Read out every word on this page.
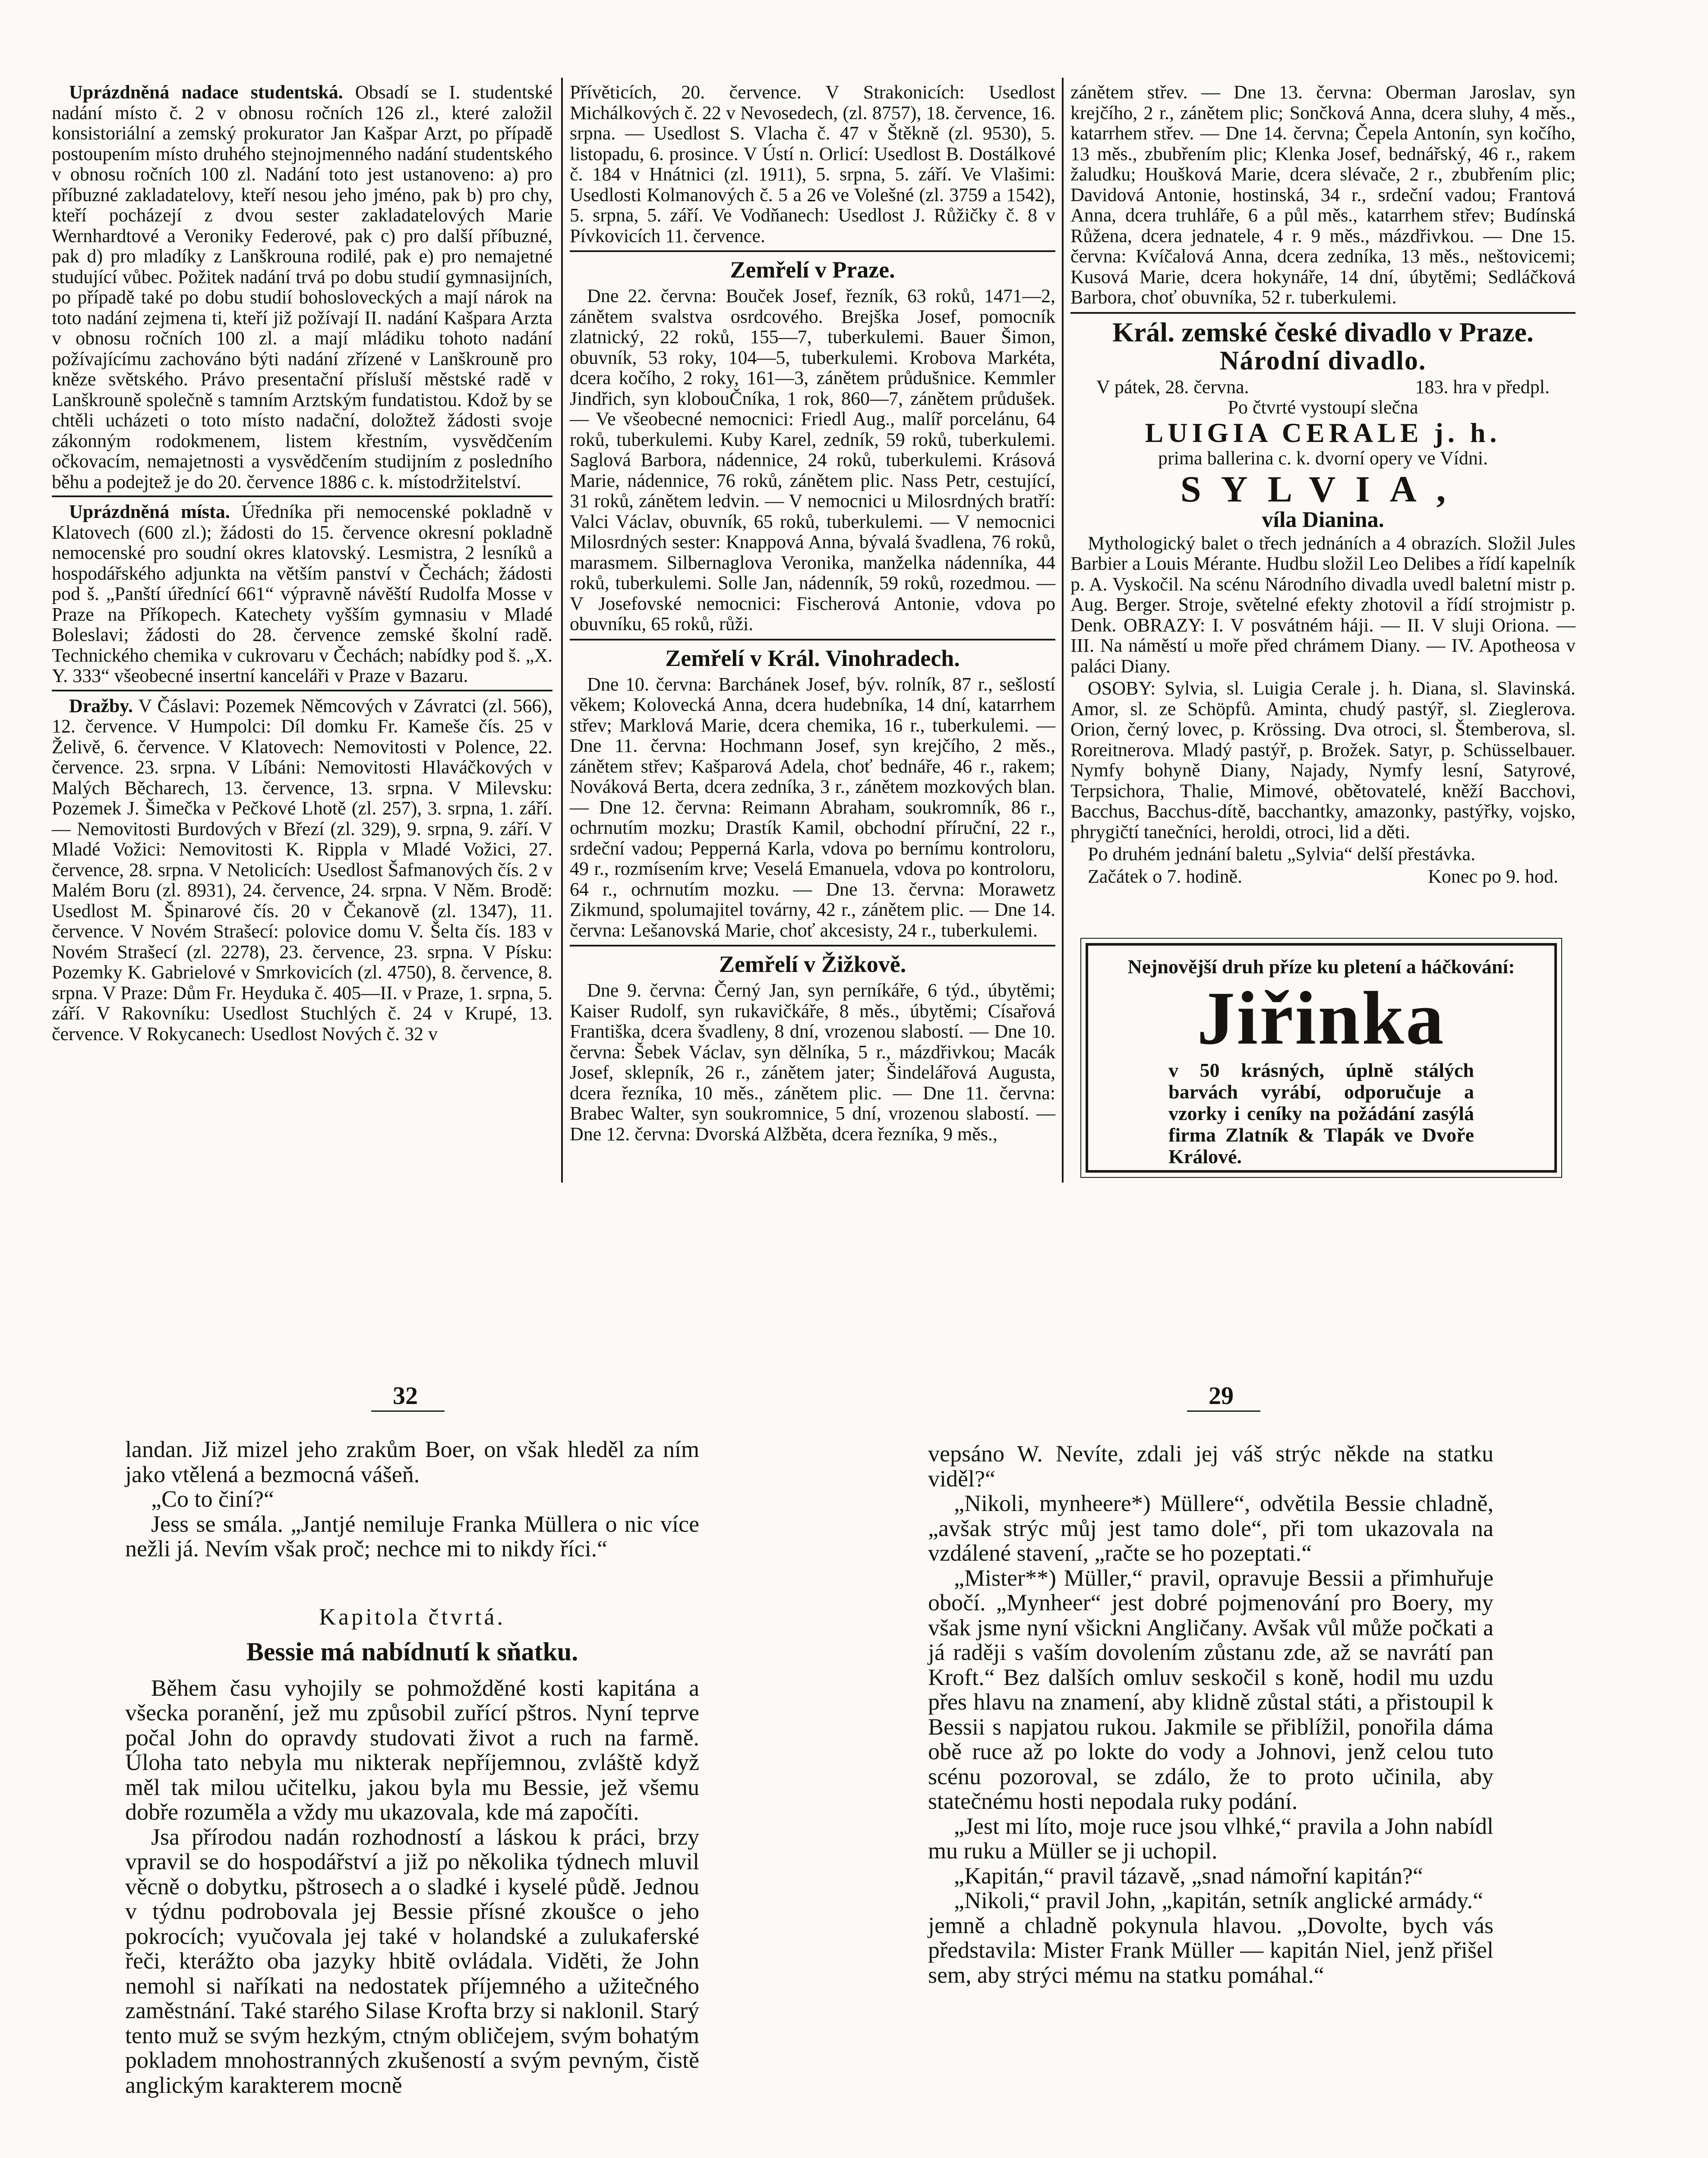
Uprázdněná nadace studentská. Obsadí se I. studentské nadání místo č. 2 v obnosu ročních 126 zl., které založil konsistoriální a zemský prokurator Jan Kašpar Arzt, po případě postoupením místo druhého stejnojmenného nadání studentského v obnosu ročních 100 zl. Nadání toto jest ustanoveno: a) pro příbuzné zakladatelovy, kteří nesou jeho jméno, pak b) pro chy, kteří pocházejí z dvou sester zakladatelových Marie Wernhardtové a Veroniky Federové, pak c) pro další příbuzné, pak d) pro mladíky z Lanškrouna rodilé, pak e) pro nemajetné studující vůbec. Požitek nadání trvá po dobu studií gymnasijních, po případě také po dobu studií bohosloveckých a mají nárok na toto nadání zejmena ti, kteří již požívají II. nadání Kašpara Arzta v obnosu ročních 100 zl. a mají mládiku tohoto nadání požívajícímu zachováno býti nadání zřízené v Lanškrouně pro kněze světského. Právo presentační přísluší městské radě v Lanškrouně společně s tamním Arztským fundatistou. Kdož by se chtěli ucházeti o toto místo nadační, doložtež žádosti svoje zákonným rodokmenem, listem křestním, vysvědčením očkovacím, nemajetnosti a vysvědčením studijním z posledního běhu a podejtež je do 20. července 1886 c. k. místodržitelství.

Uprázdněná místa. Úředníka při nemocenské pokladně v Klatovech (600 zl.); žádosti do 15. července okresní pokladně nemocenské pro soudní okres klatovský. Lesmistra, 2 lesníků a hospodářského adjunkta na větším panství v Čechách; žádosti pod š. „Panští úřednící 661“ výpravně návěští Rudolfa Mosse v Praze na Příkopech. Katechety vyšším gymnasiu v Mladé Boleslavi; žádosti do 28. července zemské školní radě. Technického chemika v cukrovaru v Čechách; nabídky pod š. „X. Y. 333“ všeobecné insertní kanceláři v Praze v Bazaru.

Dražby. V Čáslavi: Pozemek Němcových v Závratci (zl. 566), 12. července. V Humpolci: Díl domku Fr. Kameše čís. 25 v Želivě, 6. července. V Klatovech: Nemovitosti v Polence, 22. července. 23. srpna. V Líbáni: Nemovitosti Hlaváčkových v Malých Běcharech, 13. července, 13. srpna. V Milevsku: Pozemek J. Šimečka v Pečkové Lhotě (zl. 257), 3. srpna, 1. září. — Nemovitosti Burdových v Březí (zl. 329), 9. srpna, 9. září. V Mladé Vožici: Nemovitosti K. Rippla v Mladé Vožici, 27. července, 28. srpna. V Netolicích: Usedlost Šafmanových čís. 2 v Malém Boru (zl. 8931), 24. července, 24. srpna. V Něm. Brodě: Usedlost M. Špinarové čís. 20 v Čekanově (zl. 1347), 11. července. V Novém Strašecí: polovice domu V. Šelta čís. 183 v Novém Strašecí (zl. 2278), 23. července, 23. srpna. V Písku: Pozemky K. Gabrielové v Smrkovicích (zl. 4750), 8. července, 8. srpna. V Praze: Dům Fr. Heyduka č. 405—II. v Praze, 1. srpna, 5. září. V Rakovníku: Usedlost Stuchlých č. 24 v Krupé, 13. července. V Rokycanech: Usedlost Nových č. 32 v

Přívěticích, 20. července. V Strakonicích: Usedlost Michálkových č. 22 v Nevosedech, (zl. 8757), 18. července, 16. srpna. — Usedlost S. Vlacha č. 47 v Štěkně (zl. 9530), 5. listopadu, 6. prosince. V Ústí n. Orlicí: Usedlost B. Dostálkové č. 184 v Hnátnici (zl. 1911), 5. srpna, 5. září. Ve Vlašimi: Usedlosti Kolmanových č. 5 a 26 ve Volešné (zl. 3759 a 1542), 5. srpna, 5. září. Ve Vodňanech: Usedlost J. Růžičky č. 8 v Pívkovicích 11. července.

Zemřelí v Praze.

Dne 22. června: Bouček Josef, řezník, 63 roků, 1471—2, zánětem svalstva osrdcového. Brejška Josef, pomocník zlatnický, 22 roků, 155—7, tuberkulemi. Bauer Šimon, obuvník, 53 roky, 104—5, tuberkulemi. Krobova Markéta, dcera kočího, 2 roky, 161—3, zánětem průdušnice. Kemmler Jindřich, syn klobouČníka, 1 rok, 860—7, zánětem průdušek. — Ve všeobecné nemocnici: Friedl Aug., malíř porcelánu, 64 roků, tuberkulemi. Kuby Karel, zedník, 59 roků, tuberkulemi. Saglová Barbora, nádennice, 24 roků, tuberkulemi. Krásová Marie, nádennice, 76 roků, zánětem plic. Nass Petr, cestující, 31 roků, zánětem ledvin. — V nemocnici u Milosrdných bratří: Valci Václav, obuvník, 65 roků, tuberkulemi. — V nemocnici Milosrdných sester: Knappová Anna, bývalá švadlena, 76 roků, marasmem. Silbernaglova Veronika, manželka nádenníka, 44 roků, tuberkulemi. Solle Jan, nádenník, 59 roků, rozedmou. — V Josefovské nemocnici: Fischerová Antonie, vdova po obuvníku, 65 roků, růži.

Zemřelí v Král. Vinohradech.

Dne 10. června: Barchánek Josef, býv. rolník, 87 r., sešlostí věkem; Kolovecká Anna, dcera hudebníka, 14 dní, katarrhem střev; Marklová Marie, dcera chemika, 16 r., tuberkulemi. — Dne 11. června: Hochmann Josef, syn krejčího, 2 měs., zánětem střev; Kašparová Adela, choť bednáře, 46 r., rakem; Nováková Berta, dcera zedníka, 3 r., zánětem mozkových blan. — Dne 12. června: Reimann Abraham, soukromník, 86 r., ochrnutím mozku; Drastík Kamil, obchodní příruční, 22 r., srdeční vadou; Pepperná Karla, vdova po bernímu kontroloru, 49 r., rozmísením krve; Veselá Emanuela, vdova po kontroloru, 64 r., ochrnutím mozku. — Dne 13. června: Morawetz Zikmund, spolumajitel továrny, 42 r., zánětem plic. — Dne 14. června: Lešanovská Marie, choť akcesisty, 24 r., tuberkulemi.

Zemřelí v Žižkově.

Dne 9. června: Černý Jan, syn perníkáře, 6 týd., úbytěmi; Kaiser Rudolf, syn rukavičkáře, 8 měs., úbytěmi; Císařová Františka, dcera švadleny, 8 dní, vrozenou slabostí. — Dne 10. června: Šebek Václav, syn dělníka, 5 r., mázdřivkou; Macák Josef, sklepník, 26 r., zánětem jater; Šindelářová Augusta, dcera řezníka, 10 měs., zánětem plic. — Dne 11. června: Brabec Walter, syn soukromnice, 5 dní, vrozenou slabostí. — Dne 12. června: Dvorská Alžběta, dcera řezníka, 9 měs.,

zánětem střev. — Dne 13. června: Oberman Jaroslav, syn krejčího, 2 r., zánětem plic; Sončková Anna, dcera sluhy, 4 měs., katarrhem střev. — Dne 14. června; Čepela Antonín, syn kočího, 13 měs., zbubřením plic; Klenka Josef, bednářský, 46 r., rakem žaludku; Houšková Marie, dcera slévače, 2 r., zbubřením plic; Davidová Antonie, hostinská, 34 r., srdeční vadou; Frantová Anna, dcera truhláře, 6 a půl měs., katarrhem střev; Budínská Růžena, dcera jednatele, 4 r. 9 měs., mázdřivkou. — Dne 15. června: Kvíčalová Anna, dcera zedníka, 13 měs., neštovicemi; Kusová Marie, dcera hokynáře, 14 dní, úbytěmi; Sedláčková Barbora, choť obuvníka, 52 r. tuberkulemi.

Král. zemské české divadlo v Praze.
Národní divadlo.
V pátek, 28. června.	183. hra v předpl.
Po čtvrté vystoupí slečna
LUIGIA CERALE j. h.
prima ballerina c. k. dvorní opery ve Vídni.
SYLVIA,
víla Dianina.

Mythologický balet o třech jednáních a 4 obrazích. Složil Jules Barbier a Louis Mérante. Hudbu složil Leo Delibes a řídí kapelník p. A. Vyskočil. Na scénu Národního divadla uvedl baletní mistr p. Aug. Berger. Stroje, světelné efekty zhotovil a řídí strojmistr p. Denk. OBRAZY: I. V posvátném háji. — II. V sluji Oriona. — III. Na náměstí u moře před chrámem Diany. — IV. Apotheosa v paláci Diany.

OSOBY: Sylvia, sl. Luigia Cerale j. h. Diana, sl. Slavinská. Amor, sl. ze Schöpfů. Aminta, chudý pastýř, sl. Zieglerova. Orion, černý lovec, p. Krössing. Dva otroci, sl. Štemberova, sl. Roreitnerova. Mladý pastýř, p. Brožek. Satyr, p. Schüsselbauer. Nymfy bohyně Diany, Najady, Nymfy lesní, Satyrové, Terpsichora, Thalie, Mimové, obětovatelé, kněží Bacchovi, Bacchus, Bacchus-dítě, bacchantky, amazonky, pastýřky, vojsko, phrygičtí tanečníci, heroldi, otroci, lid a děti.

Po druhém jednání baletu „Sylvia“ delší přestávka.

Začátek o 7. hodině.	Konec po 9. hod.
Nejnovější druh příze ku pletení a háčkování:
Jiřinka
v 50 krásných, úplně stálých barvách vyrábí, odporučuje a vzorky i ceníky na požádání zasýlá firma Zlatník & Tlapák ve Dvoře Králové.
32	29

landan. Již mizel jeho zrakům Boer, on však hleděl za ním jako vtělená a bezmocná vášeň.

„Co to činí?“

Jess se smála. „Jantjé nemiluje Franka Müllera o nic více nežli já. Nevím však proč; nechce mi to nikdy říci.“

Kapitola čtvrtá.
Bessie má nabídnutí k sňatku.

Během času vyhojily se pohmožděné kosti kapitána a všecka poranění, jež mu způsobil zuřící pštros. Nyní teprve počal John do opravdy studovati život a ruch na farmě. Úloha tato nebyla mu nikterak nepříjemnou, zvláště když měl tak milou učitelku, jakou byla mu Bessie, jež všemu dobře rozuměla a vždy mu ukazovala, kde má započíti.

Jsa přírodou nadán rozhodností a láskou k práci, brzy vpravil se do hospodářství a již po několika týdnech mluvil věcně o dobytku, pštrosech a o sladké i kyselé půdě. Jednou v týdnu podrobovala jej Bessie přísné zkoušce o jeho pokrocích; vyučovala jej také v holandské a zulukaferské řeči, kterážto oba jazyky hbitě ovládala. Viděti, že John nemohl si naříkati na nedostatek příjemného a užitečného zaměstnání. Také starého Silase Krofta brzy si naklonil. Starý tento muž se svým hezkým, ctným obličejem, svým bohatým pokladem mnohostranných zkušeností a svým pevným, čistě anglickým karakterem mocně

vepsáno W. Nevíte, zdali jej váš strýc někde na statku viděl?“

„Nikoli, mynheere*) Müllere“, odvětila Bessie chladně, „avšak strýc můj jest tamo dole“, při tom ukazovala na vzdálené stavení, „račte se ho pozeptati.“

„Mister**) Müller,“ pravil, opravuje Bessii a přimhuřuje obočí. „Mynheer“ jest dobré pojmenování pro Boery, my však jsme nyní všickni Angličany. Avšak vůl může počkati a já raději s vaším dovolením zůstanu zde, až se navrátí pan Kroft.“ Bez dalších omluv seskočil s koně, hodil mu uzdu přes hlavu na znamení, aby klidně zůstal státi, a přistoupil k Bessii s napjatou rukou. Jakmile se přiblížil, ponořila dáma obě ruce až po lokte do vody a Johnovi, jenž celou tuto scénu pozoroval, se zdálo, že to proto učinila, aby statečnému hosti nepodala ruky podání.

„Jest mi líto, moje ruce jsou vlhké,“ pravila a John nabídl mu ruku a Müller se ji uchopil.

„Kapitán,“ pravil tázavě, „snad námořní kapitán?“

„Nikoli,“ pravil John, „kapitán, setník anglické armády.“

jemně a chladně pokynula hlavou. „Dovolte, bych vás představila: Mister Frank Müller — kapitán Niel, jenž přišel sem, aby strýci mému na statku pomáhal.“
